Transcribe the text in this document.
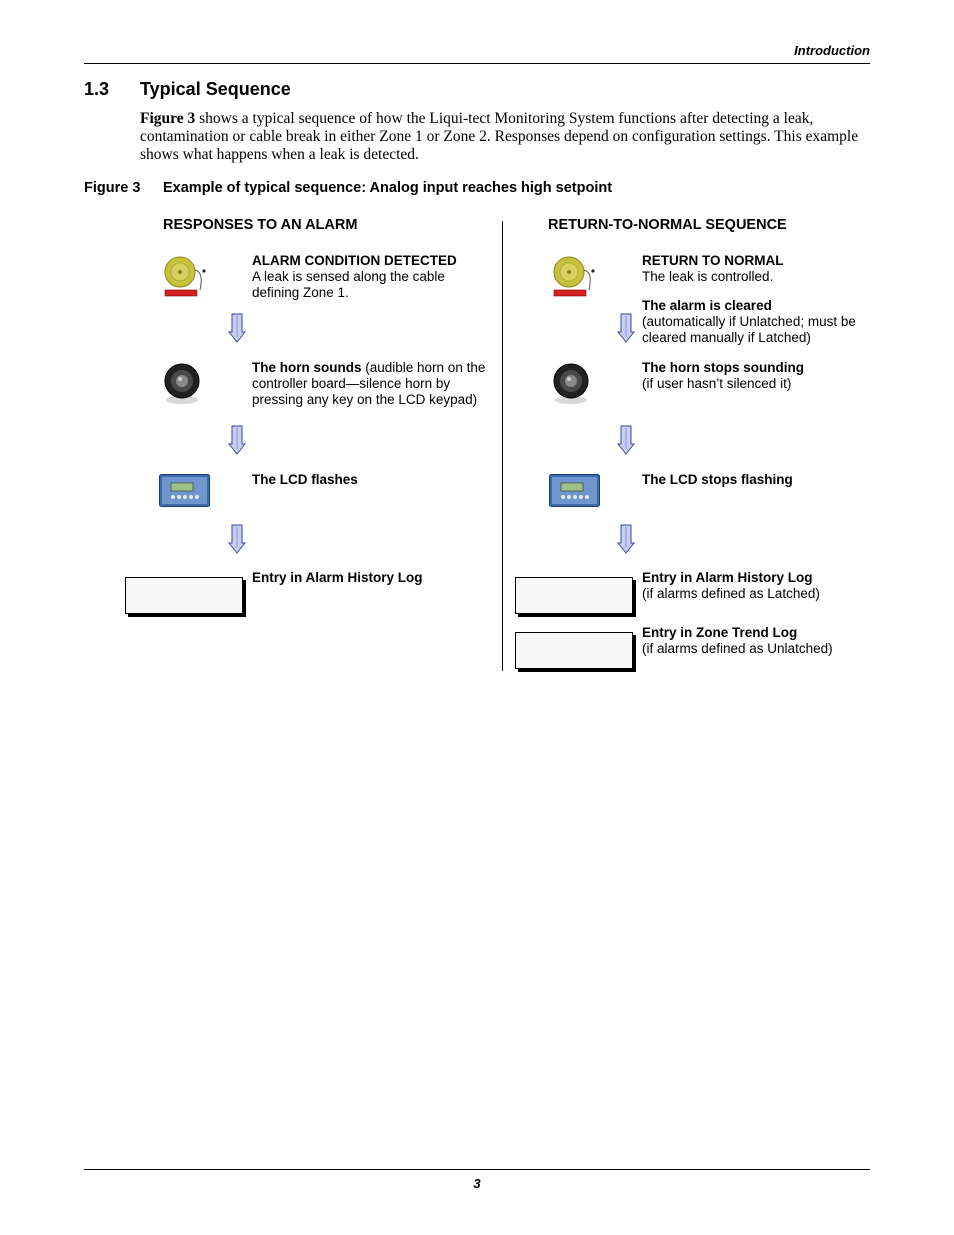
Introduction
1.3 Typical Sequence
Figure 3 shows a typical sequence of how the Liqui-tect Monitoring System functions after detecting a leak, contamination or cable break in either Zone 1 or Zone 2. Responses depend on configuration settings. This example shows what happens when a leak is detected.
Figure 3 Example of typical sequence: Analog input reaches high setpoint
RESPONSES TO AN ALARM	RETURN-TO-NORMAL SEQUENCE
ALARM CONDITION DETECTED
A leak is sensed along the cable defining Zone 1.
The horn sounds (audible horn on the controller board—silence horn by pressing any key on the LCD keypad)
The LCD flashes
Entry in Alarm History Log
RETURN TO NORMAL
The leak is controlled.
The alarm is cleared
(automatically if Unlatched; must be cleared manually if Latched)
The horn stops sounding
(if user hasn’t silenced it)
The LCD stops flashing
Entry in Alarm History Log
(if alarms defined as Latched)
Entry in Zone Trend Log
(if alarms defined as Unlatched)
3
